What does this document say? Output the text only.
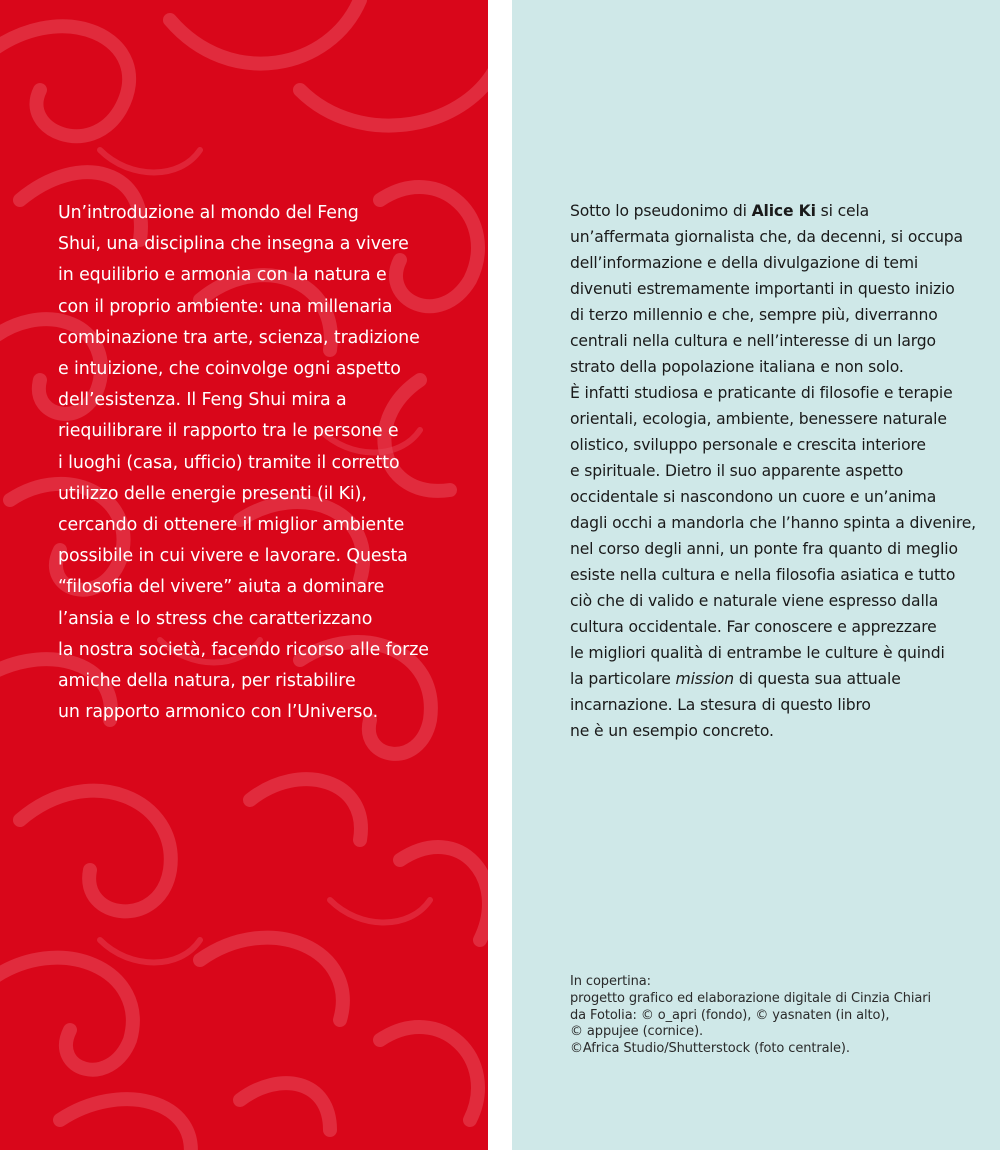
Un’introduzione al mondo del Feng
Shui, una disciplina che insegna a vivere
in equilibrio e armonia con la natura e
con il proprio ambiente: una millenaria
combinazione tra arte, scienza, tradizione
e intuizione, che coinvolge ogni aspetto
dell’esistenza. Il Feng Shui mira a
riequilibrare il rapporto tra le persone e
i luoghi (casa, ufficio) tramite il corretto
utilizzo delle energie presenti (il Ki),
cercando di ottenere il miglior ambiente
possibile in cui vivere e lavorare. Questa
“filosofia del vivere” aiuta a dominare
l’ansia e lo stress che caratterizzano
la nostra società, facendo ricorso alle forze
amiche della natura, per ristabilire
un rapporto armonico con l’Universo.

Sotto lo pseudonimo di Alice Ki si cela
un’affermata giornalista che, da decenni, si occupa
dell’informazione e della divulgazione di temi
divenuti estremamente importanti in questo inizio
di terzo millennio e che, sempre più, diverranno
centrali nella cultura e nell’interesse di un largo
strato della popolazione italiana e non solo.
È infatti studiosa e praticante di filosofie e terapie
orientali, ecologia, ambiente, benessere naturale
olistico, sviluppo personale e crescita interiore
e spirituale. Dietro il suo apparente aspetto
occidentale si nascondono un cuore e un’anima
dagli occhi a mandorla che l’hanno spinta a divenire,
nel corso degli anni, un ponte fra quanto di meglio
esiste nella cultura e nella filosofia asiatica e tutto
ciò che di valido e naturale viene espresso dalla
cultura occidentale. Far conoscere e apprezzare
le migliori qualità di entrambe le culture è quindi
la particolare mission di questa sua attuale
incarnazione. La stesura di questo libro
ne è un esempio concreto.

In copertina:
progetto grafico ed elaborazione digitale di Cinzia Chiari
da Fotolia: © o_apri (fondo), © yasnaten (in alto),
© appujee (cornice).
©Africa Studio/Shutterstock (foto centrale).
